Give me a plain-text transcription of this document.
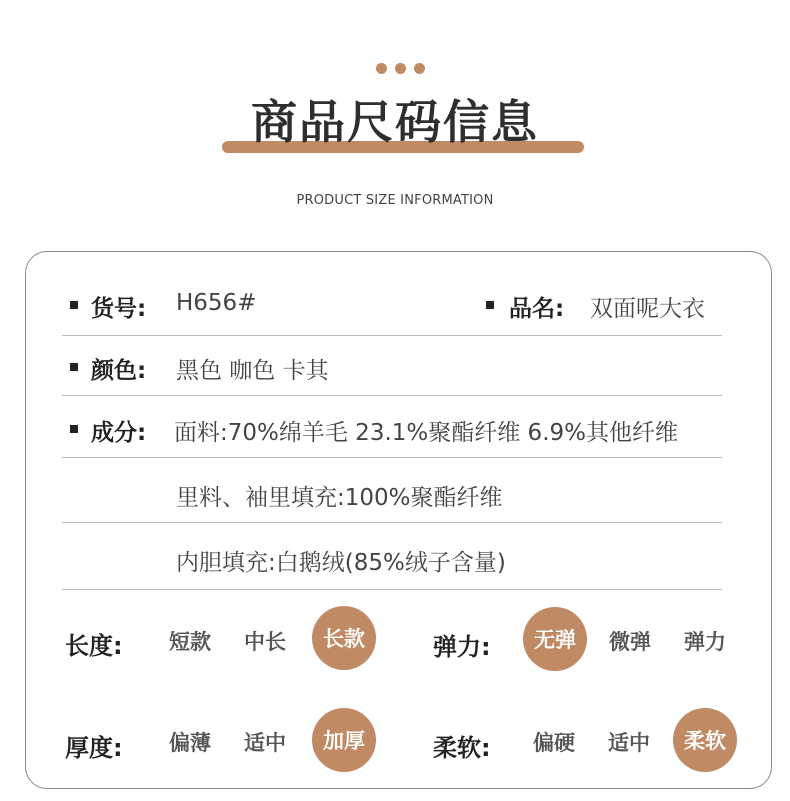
商品尺码信息
PRODUCT SIZE INFORMATION
货号: H656#	品名: 双面呢大衣
颜色: 黑色 咖色 卡其
成分: 面料:70%绵羊毛 23.1%聚酯纤维 6.9%其他纤维
里料、袖里填充:100%聚酯纤维
内胆填充:白鹅绒(85%绒子含量)
长度:	短款	中长	长款	弹力:	无弹	微弹	弹力
厚度:	偏薄	适中	加厚	柔软:	偏硬	适中	柔软
